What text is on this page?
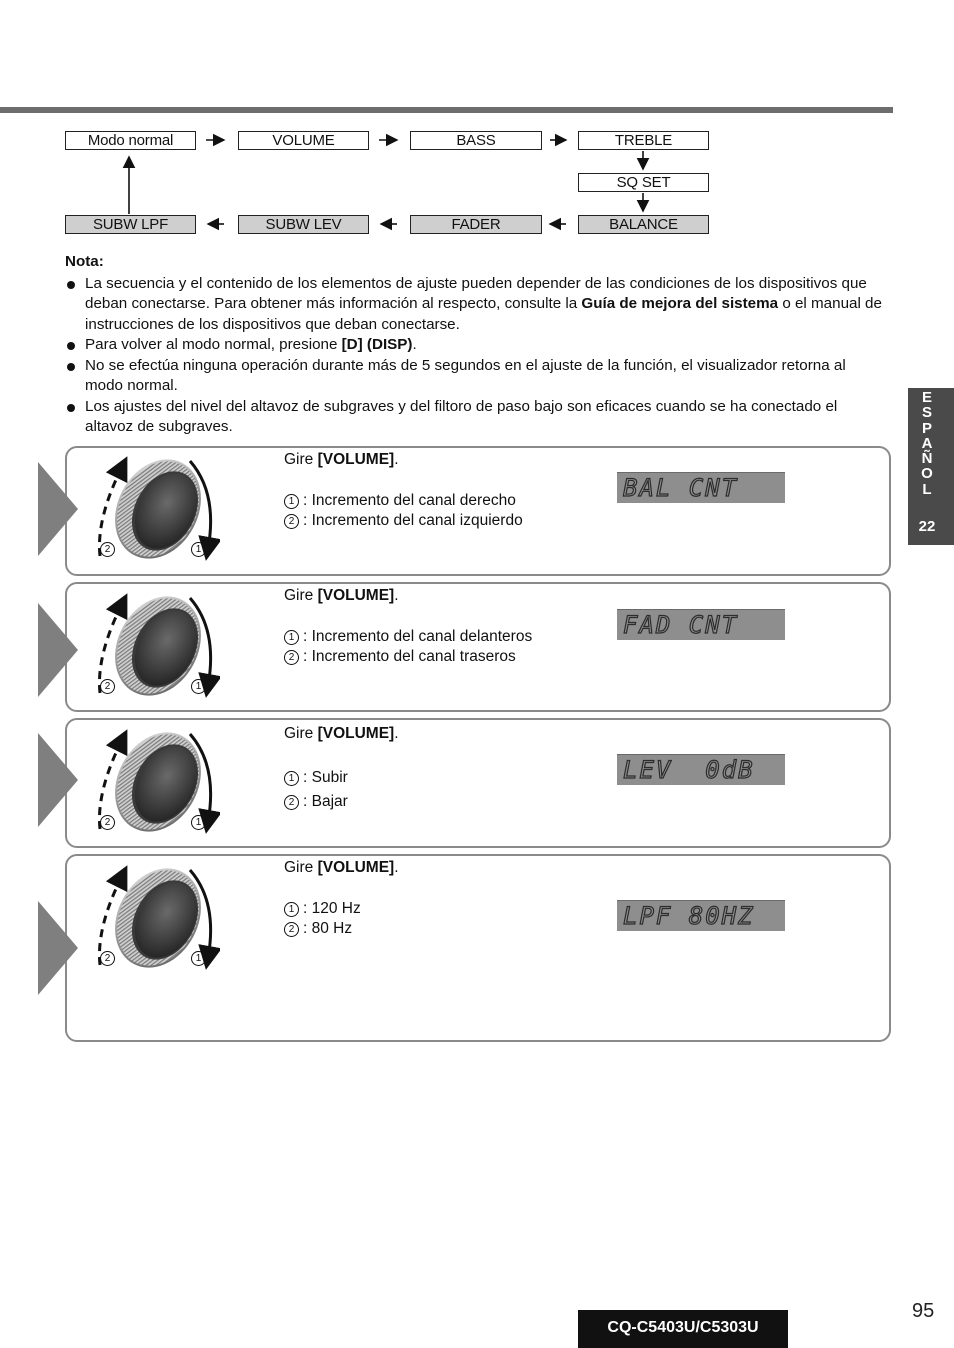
Modo normal	VOLUME	BASS	TREBLE
SQ SET
SUBW LPF	SUBW LEV	FADER	BALANCE
Nota:
La secuencia y el contenido de los elementos de ajuste pueden depender de las condiciones de los dispositivos que deban conectarse. Para obtener más información al respecto, consulte la Guía de mejora del sistema o el manual de instrucciones de los dispositivos que deban conectarse.
Para volver al modo normal, presione [D] (DISP).
No se efectúa ninguna operación durante más de 5 segundos en el ajuste de la función, el visualizador retorna al modo normal.
Los ajustes del nivel del altavoz de subgraves y del filtoro de paso bajo son eficaces cuando se ha conectado el altavoz de subgraves.
E
S
P
A
Ñ
O
L
22
2	1
Gire [VOLUME].
1 : Incremento del canal derecho
2 : Incremento del canal izquierdo
BAL CNT
2	1
Gire [VOLUME].
1 : Incremento del canal delanteros
2 : Incremento del canal traseros
FAD CNT
2	1
Gire [VOLUME].
1 : Subir
2 : Bajar
LEV  0dB
2	1
Gire [VOLUME].
1 : 120 Hz
2 : 80 Hz	LPF 80HZ
CQ-C5403U/C5303U
95
